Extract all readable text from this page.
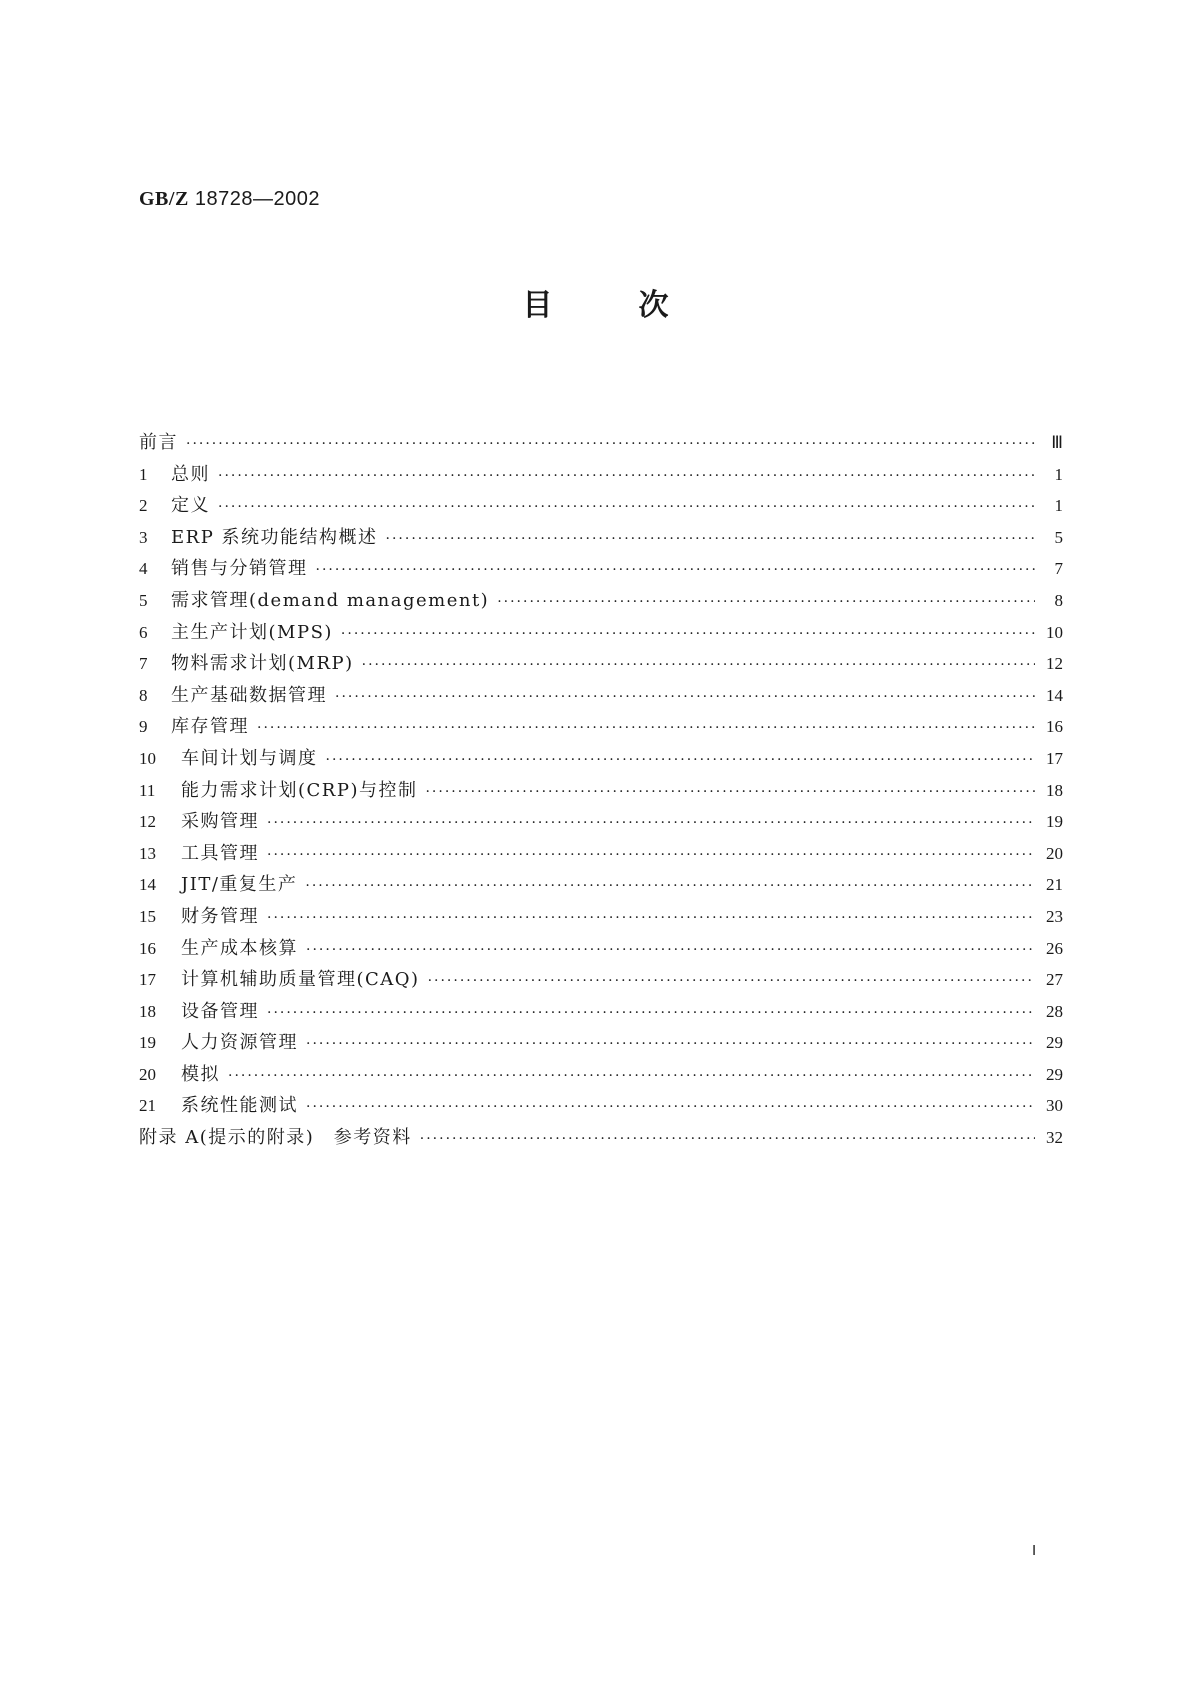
GB/Z 18728—2002
目次
前言 ·····	Ⅲ
1	总则 ·····	1
2	定义 ·····	1
3	ERP 系统功能结构概述 ·····	5
4	销售与分销管理 ·····	7
5	需求管理(demand management) ·····	8
6	主生产计划(MPS) ·····	10
7	物料需求计划(MRP) ·····	12
8	生产基础数据管理 ·····	14
9	库存管理 ·····	16
10	车间计划与调度 ·····	17
11	能力需求计划(CRP)与控制 ·····	18
12	采购管理 ·····	19
13	工具管理 ·····	20
14	JIT/重复生产 ·····	21
15	财务管理 ·····	23
16	生产成本核算 ·····	26
17	计算机辅助质量管理(CAQ) ·····	27
18	设备管理 ·····	28
19	人力资源管理 ·····	29
20	模拟 ·····	29
21	系统性能测试 ·····	30
附录 A(提示的附录)　参考资料 ·····	32
Ⅰ
